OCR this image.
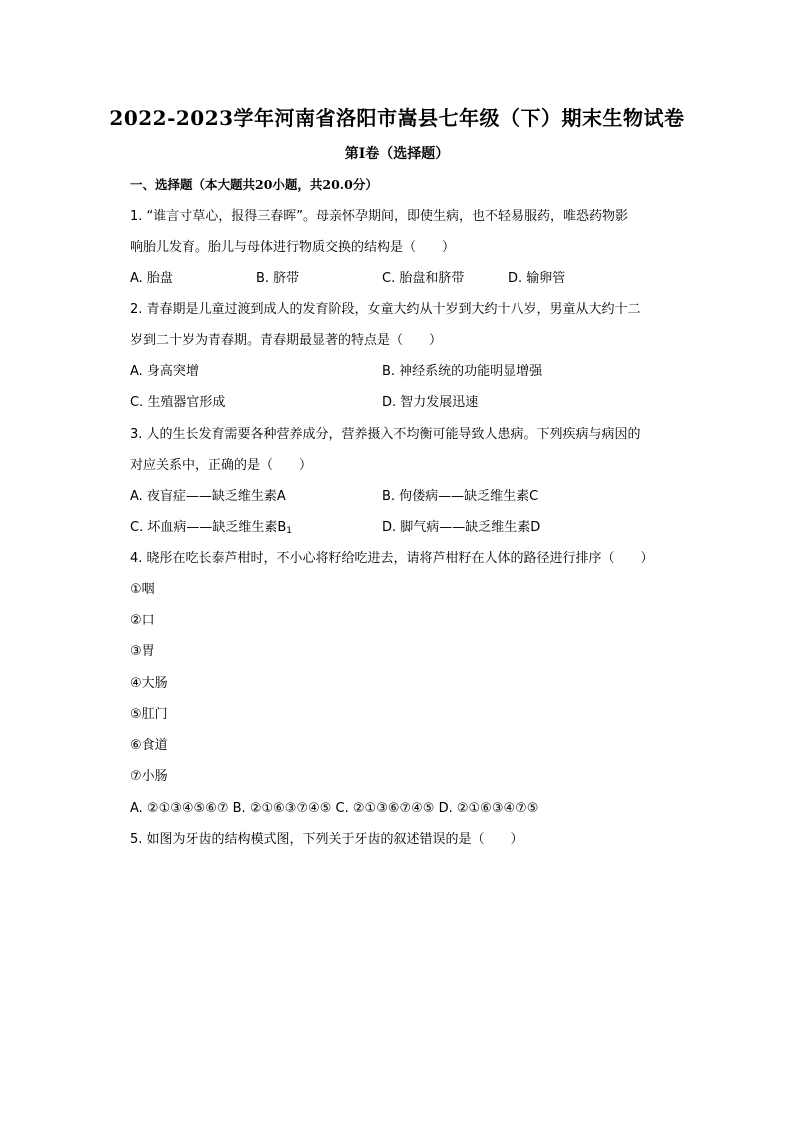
2022-2023学年河南省洛阳市嵩县七年级（下）期末生物试卷
第I卷（选择题）
一、选择题（本大题共20小题，共20.0分）
1. “谁言寸草心，报得三春晖”。母亲怀孕期间，即使生病，也不轻易服药，唯恐药物影
响胎儿发育。胎儿与母体进行物质交换的结构是（　　）
A. 胎盘	B. 脐带	C. 胎盘和脐带	D. 输卵管
2. 青春期是儿童过渡到成人的发育阶段，女童大约从十岁到大约十八岁，男童从大约十二
岁到二十岁为青春期。青春期最显著的特点是（　　）
A. 身高突增	B. 神经系统的功能明显增强
C. 生殖器官形成	D. 智力发展迅速
3. 人的生长发育需要各种营养成分，营养摄入不均衡可能导致人患病。下列疾病与病因的
对应关系中，正确的是（　　）
A. 夜盲症——缺乏维生素A	B. 佝偻病——缺乏维生素C
C. 坏血病——缺乏维生素$B_1$	D. 脚气病——缺乏维生素D
4. 晓彤在吃长泰芦柑时，不小心将籽给吃进去，请将芦柑籽在人体的路径进行排序（　　）
①咽
②口
③胃
④大肠
⑤肛门
⑥食道
⑦小肠
A. ②①③④⑤⑥⑦ B. ②①⑥③⑦④⑤ C. ②①③⑥⑦④⑤ D. ②①⑥③④⑦⑤
5. 如图为牙齿的结构模式图，下列关于牙齿的叙述错误的是（　　）
